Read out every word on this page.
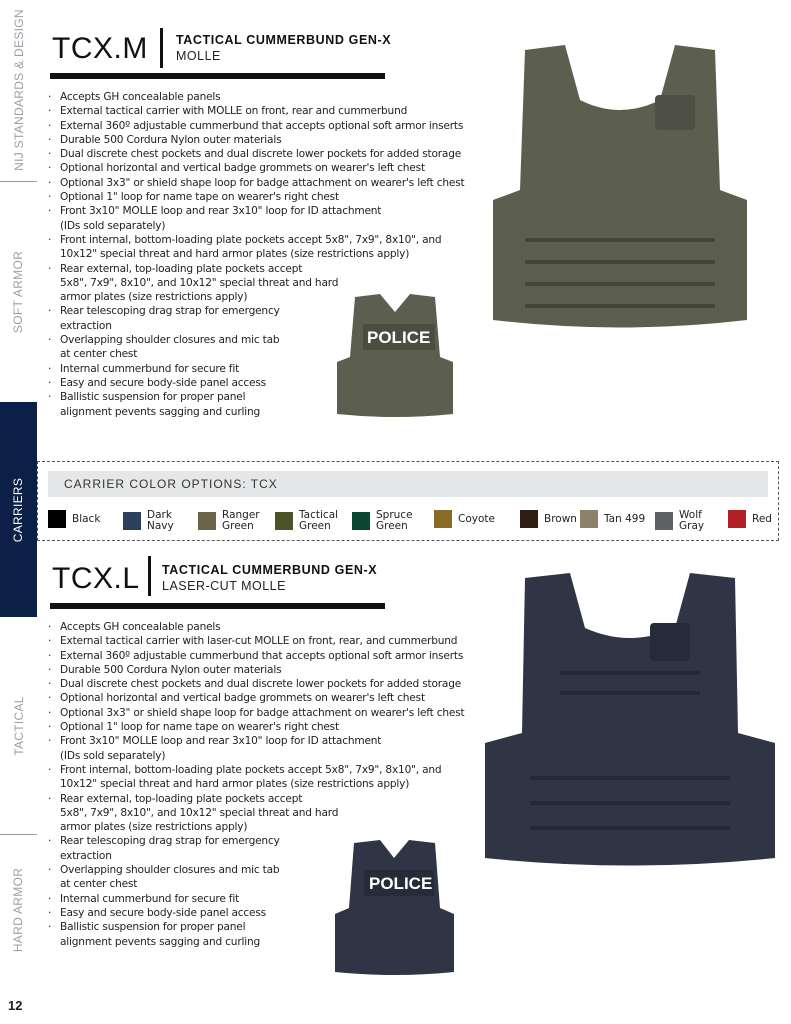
NIJ STANDARDS & DESIGN
SOFT ARMOR
CARRIERS
TACTICAL
HARD ARMOR
TCX.M TACTICAL CUMMERBUND GEN-X
MOLLE
· Accepts GH concealable panels
· External tactical carrier with MOLLE on front, rear and cummerbund
· External 360º adjustable cummerbund that accepts optional soft armor inserts
· Durable 500 Cordura Nylon outer materials
· Dual discrete chest pockets and dual discrete lower pockets for added storage
· Optional horizontal and vertical badge grommets on wearer's left chest
· Optional 3x3" or shield shape loop for badge attachment on wearer's left chest
· Optional 1" loop for name tape on wearer's right chest
· Front 3x10" MOLLE loop and rear 3x10" loop for ID attachment
(IDs sold separately)
· Front internal, bottom-loading plate pockets accept 5x8", 7x9", 8x10", and
10x12" special threat and hard armor plates (size restrictions apply)
· Rear external, top-loading plate pockets accept
5x8", 7x9", 8x10", and 10x12" special threat and hard
armor plates (size restrictions apply)
· Rear telescoping drag strap for emergency
extraction
· Overlapping shoulder closures and mic tab
at center chest
· Internal cummerbund for secure fit
· Easy and secure body-side panel access
· Ballistic suspension for proper panel
alignment pevents sagging and curling
POLICE
CARRIER COLOR OPTIONS: TCX
Black	Dark
Navy
Ranger
Green
Tactical
Green
Spruce
Green
Coyote	Brown	Tan 499	Wolf
Gray
Red
TCX.L TACTICAL CUMMERBUND GEN-X
LASER-CUT MOLLE
· Accepts GH concealable panels
· External tactical carrier with laser-cut MOLLE on front, rear, and cummerbund
· External 360º adjustable cummerbund that accepts optional soft armor inserts
· Durable 500 Cordura Nylon outer materials
· Dual discrete chest pockets and dual discrete lower pockets for added storage
· Optional horizontal and vertical badge grommets on wearer's left chest
· Optional 3x3" or shield shape loop for badge attachment on wearer's left chest
· Optional 1" loop for name tape on wearer's right chest
· Front 3x10" MOLLE loop and rear 3x10" loop for ID attachment
(IDs sold separately)
· Front internal, bottom-loading plate pockets accept 5x8", 7x9", 8x10", and
10x12" special threat and hard armor plates (size restrictions apply)
· Rear external, top-loading plate pockets accept
5x8", 7x9", 8x10", and 10x12" special threat and hard
armor plates (size restrictions apply)
· Rear telescoping drag strap for emergency
extraction
· Overlapping shoulder closures and mic tab
at center chest
· Internal cummerbund for secure fit
· Easy and secure body-side panel access
· Ballistic suspension for proper panel
alignment pevents sagging and curling
POLICE
12
